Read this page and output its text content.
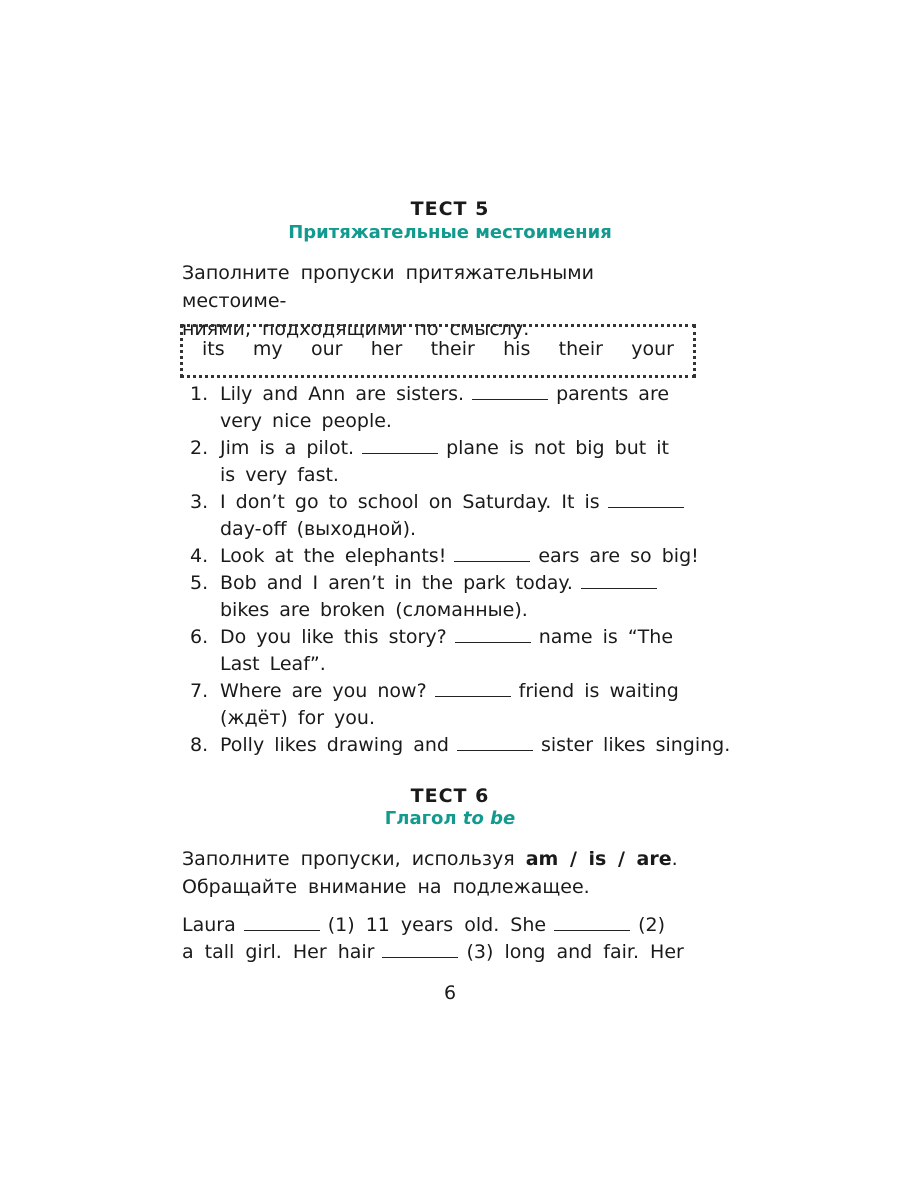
ТЕСТ 5
Притяжательные местоимения
Заполните пропуски притяжательными местоиме-
ниями, подходящими по смыслу.
its my our her their his their your
1. Lily and Ann are sisters.	parents are
very nice people.
2. Jim is a pilot.	plane is not big but it
is very fast.
3. I don’t go to school on Saturday. It is
day-off (выходной).
4. Look at the elephants!	ears are so big!
5. Bob and I aren’t in the park today.
bikes are broken (сломанные).
6. Do you like this story?	name is “The
Last Leaf”.
7. Where are you now?	friend is waiting
(ждёт) for you.
8. Polly likes drawing and	sister likes singing.
ТЕСТ 6
Глагол to be
Заполните пропуски, используя am / is / are.
Обращайте внимание на подлежащее.
Laura	(1) 11 years old. She	(2)
a tall girl. Her hair	(3) long and fair. Her
6
